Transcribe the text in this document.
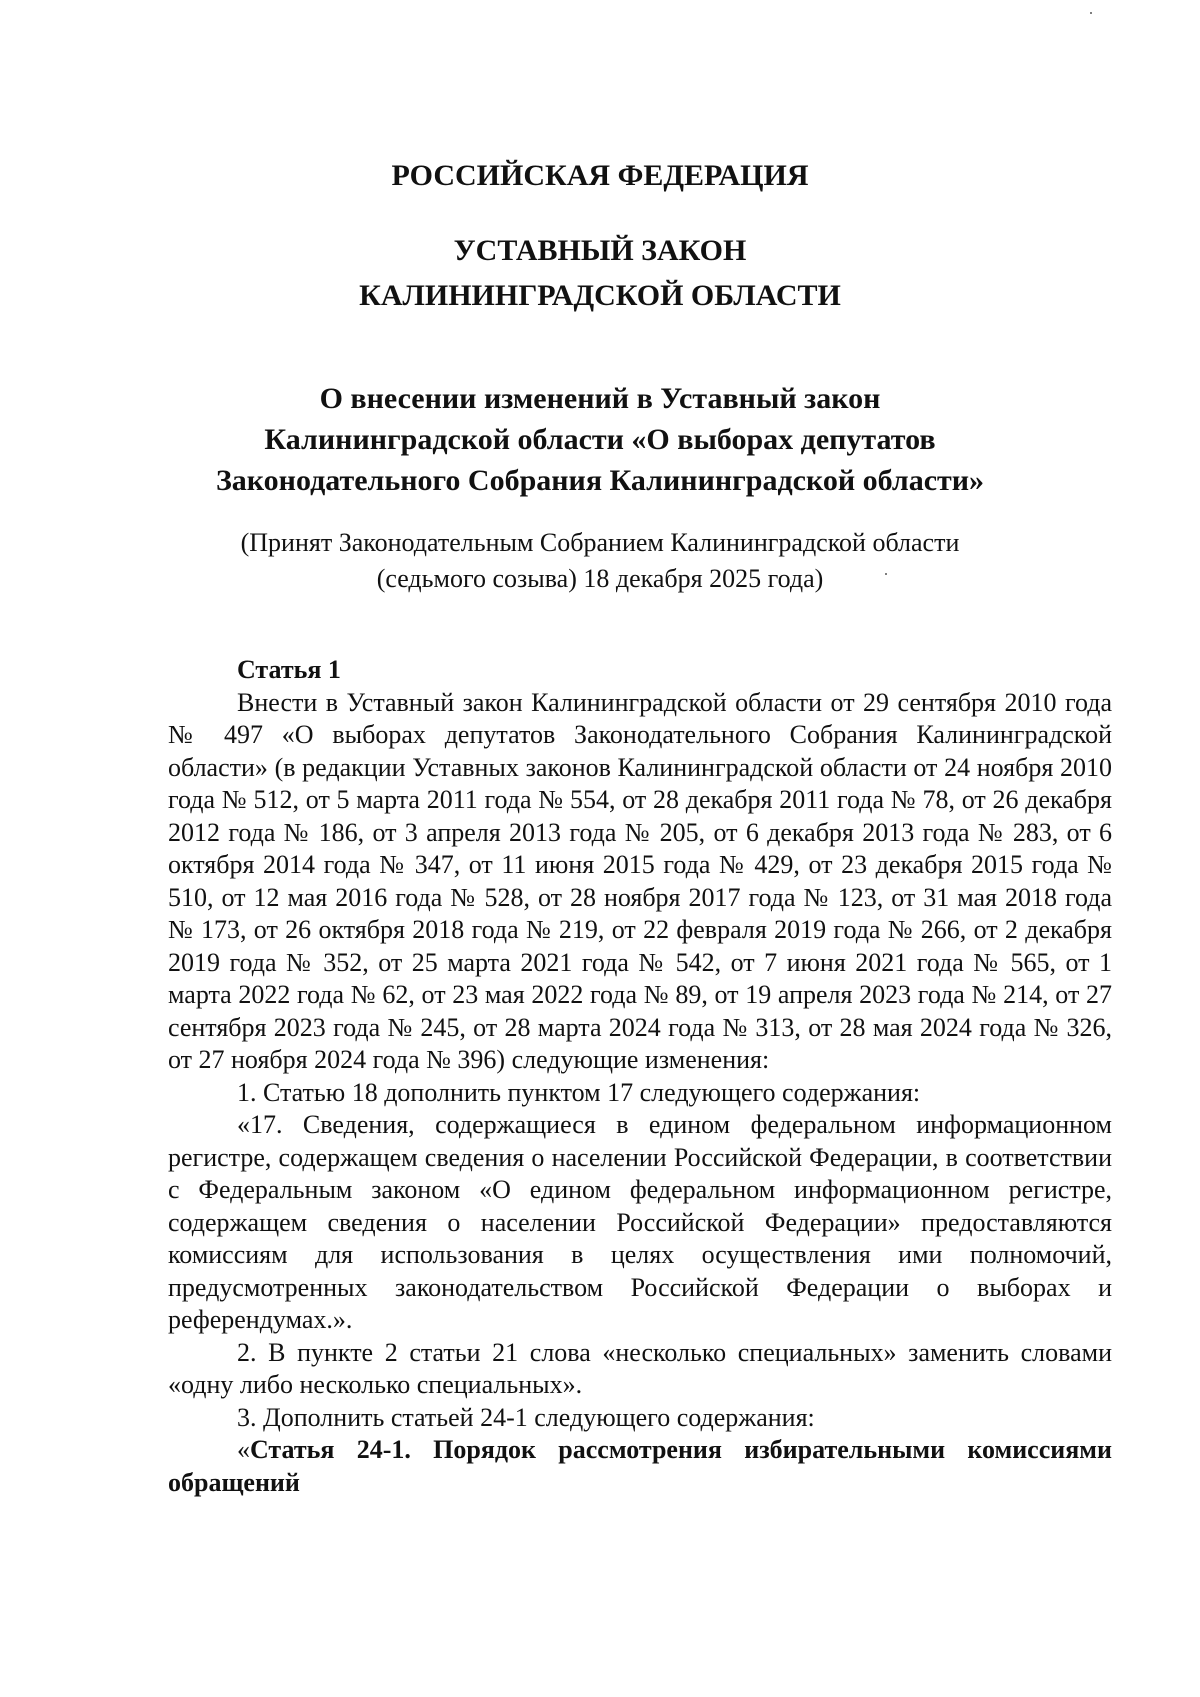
РОССИЙСКАЯ ФЕДЕРАЦИЯ
УСТАВНЫЙ ЗАКОН
КАЛИНИНГРАДСКОЙ ОБЛАСТИ
О внесении изменений в Уставный закон
Калининградской области «О выборах депутатов
Законодательного Собрания Калининградской области»
(Принят Законодательным Собранием Калининградской области
(седьмого созыва) 18 декабря 2025 года)
Статья 1

Внести в Уставный закон Калининградской области от 29 сентября 2010 года № 497 «О выборах депутатов Законодательного Собрания Калининградской области» (в редакции Уставных законов Калининградской области от 24 ноября 2010 года № 512, от 5 марта 2011 года № 554, от 28 декабря 2011 года № 78, от 26 декабря 2012 года № 186, от 3 апреля 2013 года № 205, от 6 декабря 2013 года № 283, от 6 октября 2014 года № 347, от 11 июня 2015 года № 429, от 23 декабря 2015 года № 510, от 12 мая 2016 года № 528, от 28 ноября 2017 года № 123, от 31 мая 2018 года № 173, от 26 октября 2018 года № 219, от 22 февраля 2019 года № 266, от 2 декабря 2019 года № 352, от 25 марта 2021 года № 542, от 7 июня 2021 года № 565, от 1 марта 2022 года № 62, от 23 мая 2022 года № 89, от 19 апреля 2023 года № 214, от 27 сентября 2023 года № 245, от 28 марта 2024 года № 313, от 28 мая 2024 года № 326, от 27 ноября 2024 года № 396) следующие изменения:

1. Статью 18 дополнить пунктом 17 следующего содержания:

«17. Сведения, содержащиеся в едином федеральном информационном регистре, содержащем сведения о населении Российской Федерации, в соответствии с Федеральным законом «О едином федеральном информационном регистре, содержащем сведения о населении Российской Федерации» предоставляются комиссиям для использования в целях осуществления ими полномочий, предусмотренных законодательством Российской Федерации о выборах и референдумах.».

2. В пункте 2 статьи 21 слова «несколько специальных» заменить словами «одну либо несколько специальных».

3. Дополнить статьей 24-1 следующего содержания:

«Статья 24-1. Порядок рассмотрения избирательными комиссиями обращений
